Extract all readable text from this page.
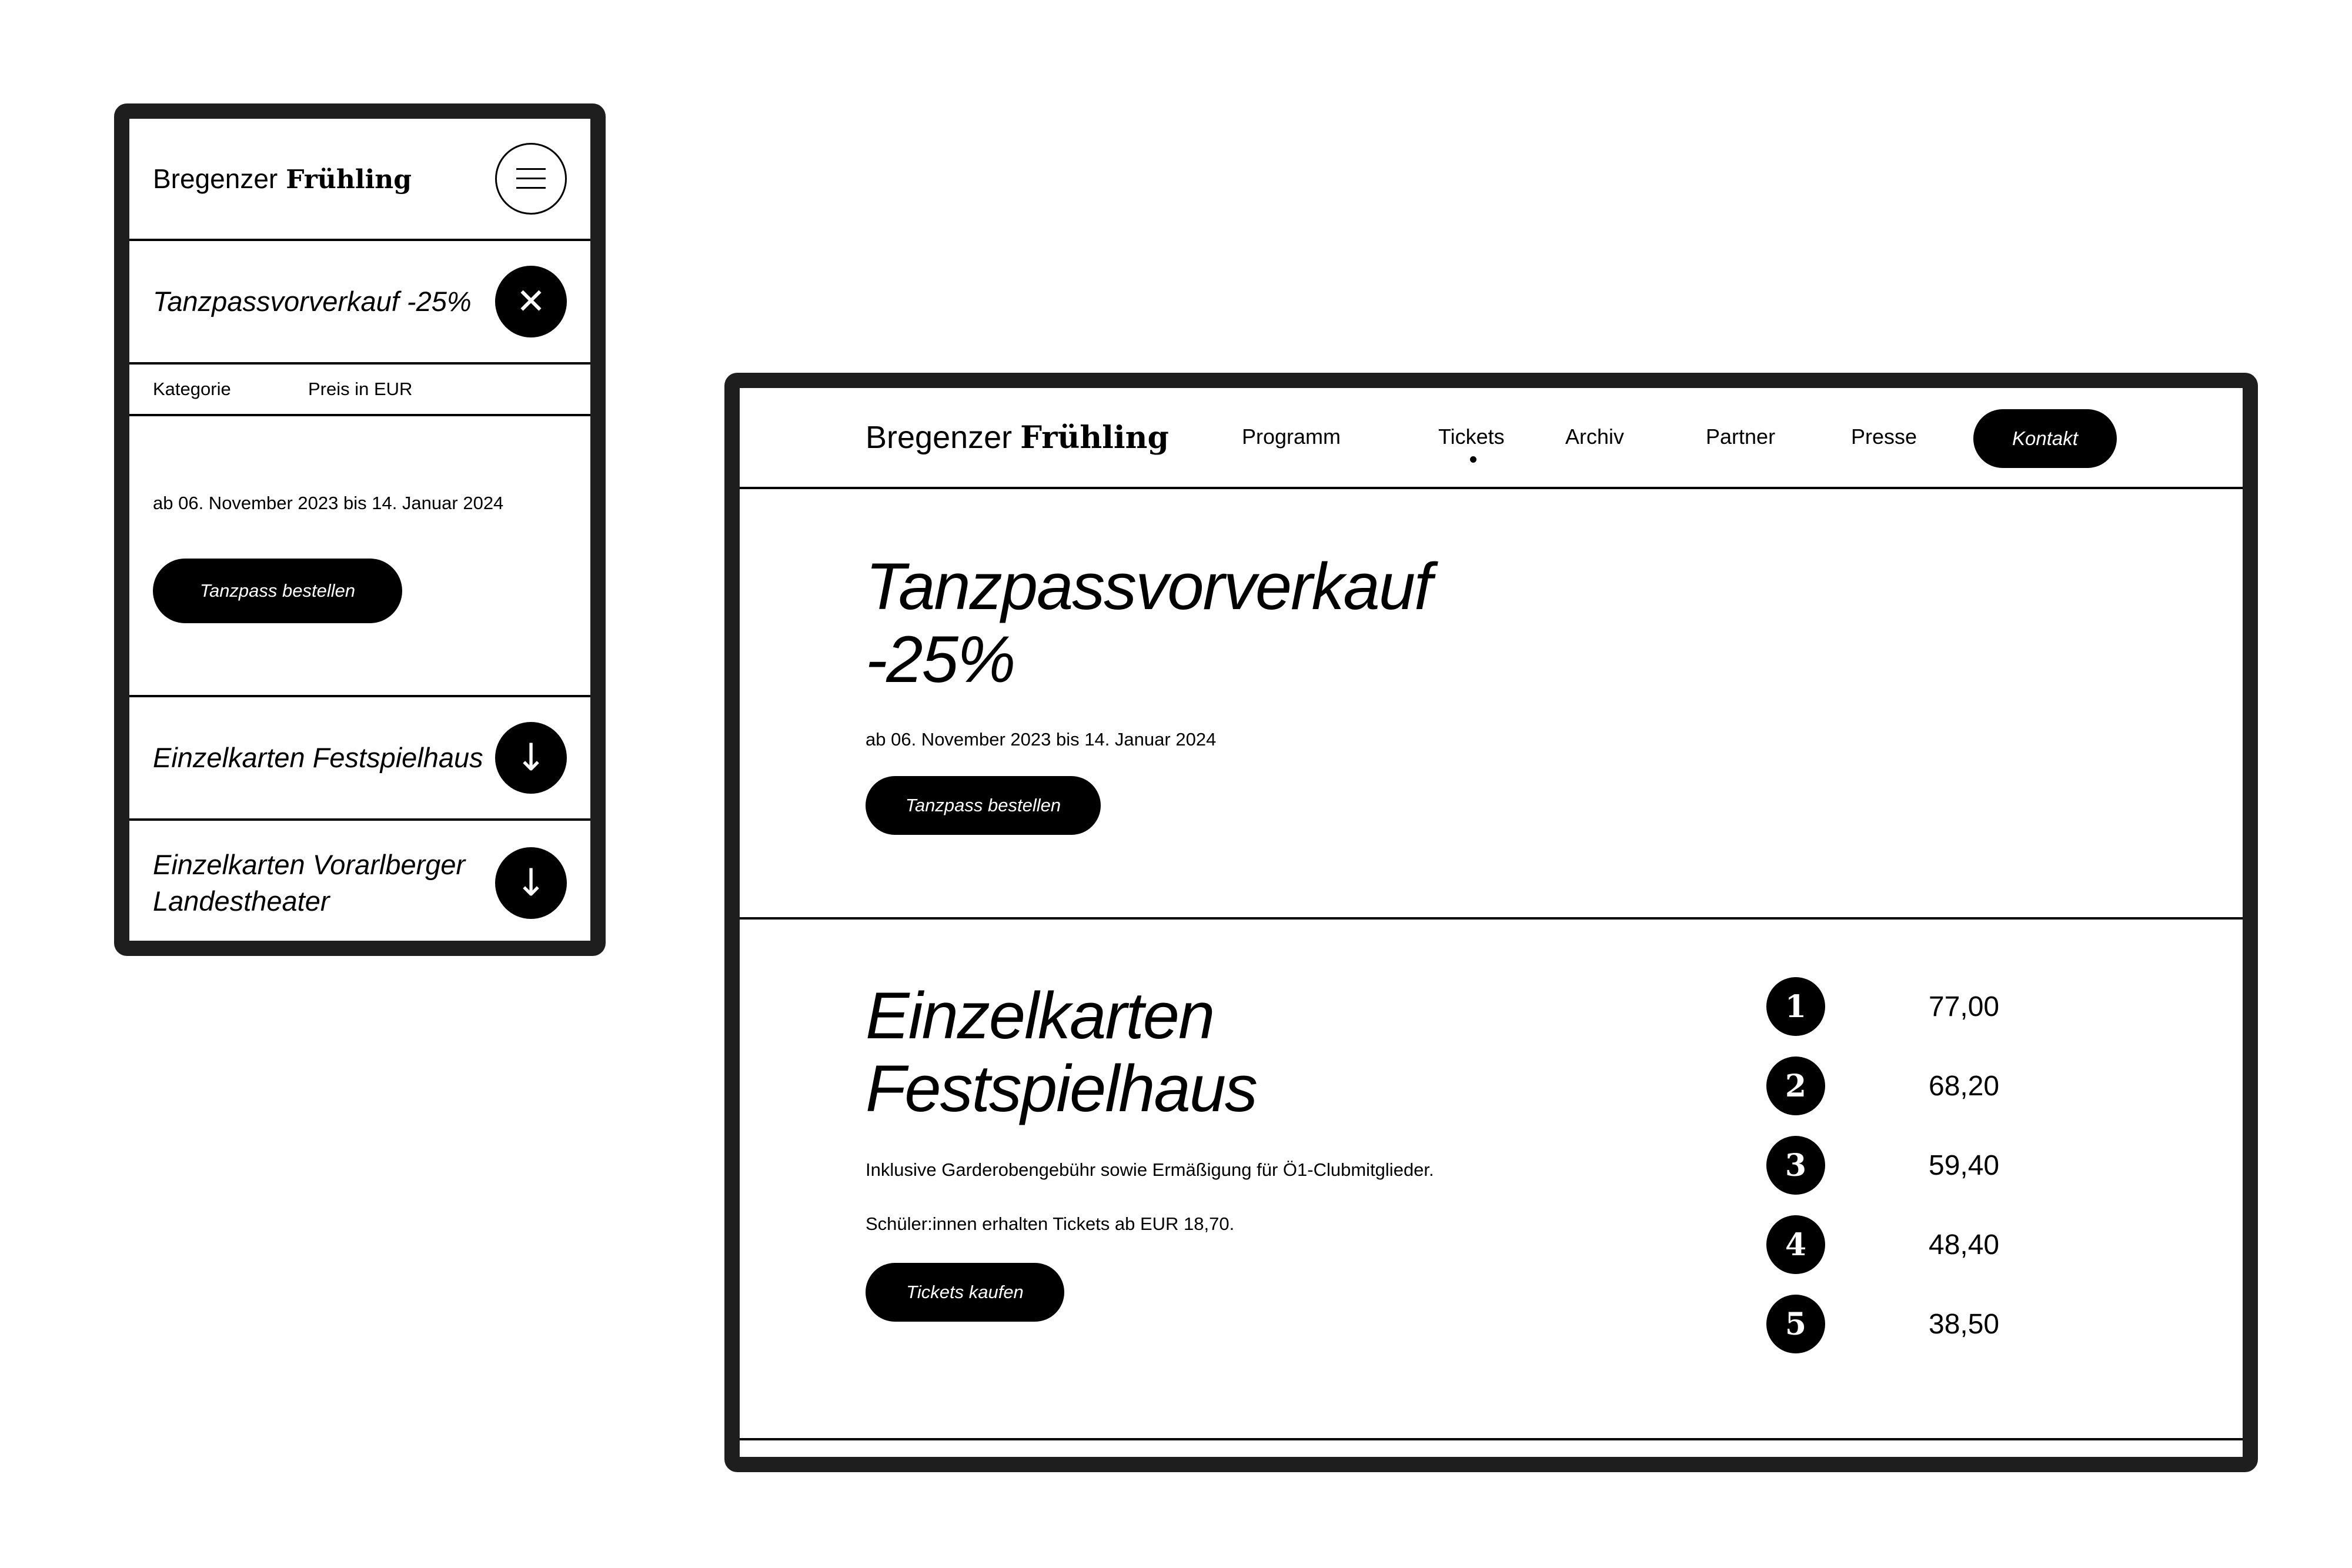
Bregenzer Frühling
Tanzpassvorverkauf -25% ✕
Kategorie	Preis in EUR
ab 06. November 2023 bis 14. Januar 2024
Tanzpass bestellen
Einzelkarten Festspielhaus ↓
Einzelkarten Vorarlberger
Landestheater	↓
Bregenzer Frühling	Programm	Tickets	Archiv	Partner	Presse	Kontakt
Tanzpassvorverkauf
-25%
ab 06. November 2023 bis 14. Januar 2024
Tanzpass bestellen
Einzelkarten
Festspielhaus
Inklusive Garderobengebühr sowie Ermäßigung für Ö1-Clubmitglieder.
Schüler:innen erhalten Tickets ab EUR 18,70.
Tickets kaufen
1	77,00
2	68,20
3	59,40
4	48,40
5	38,50
